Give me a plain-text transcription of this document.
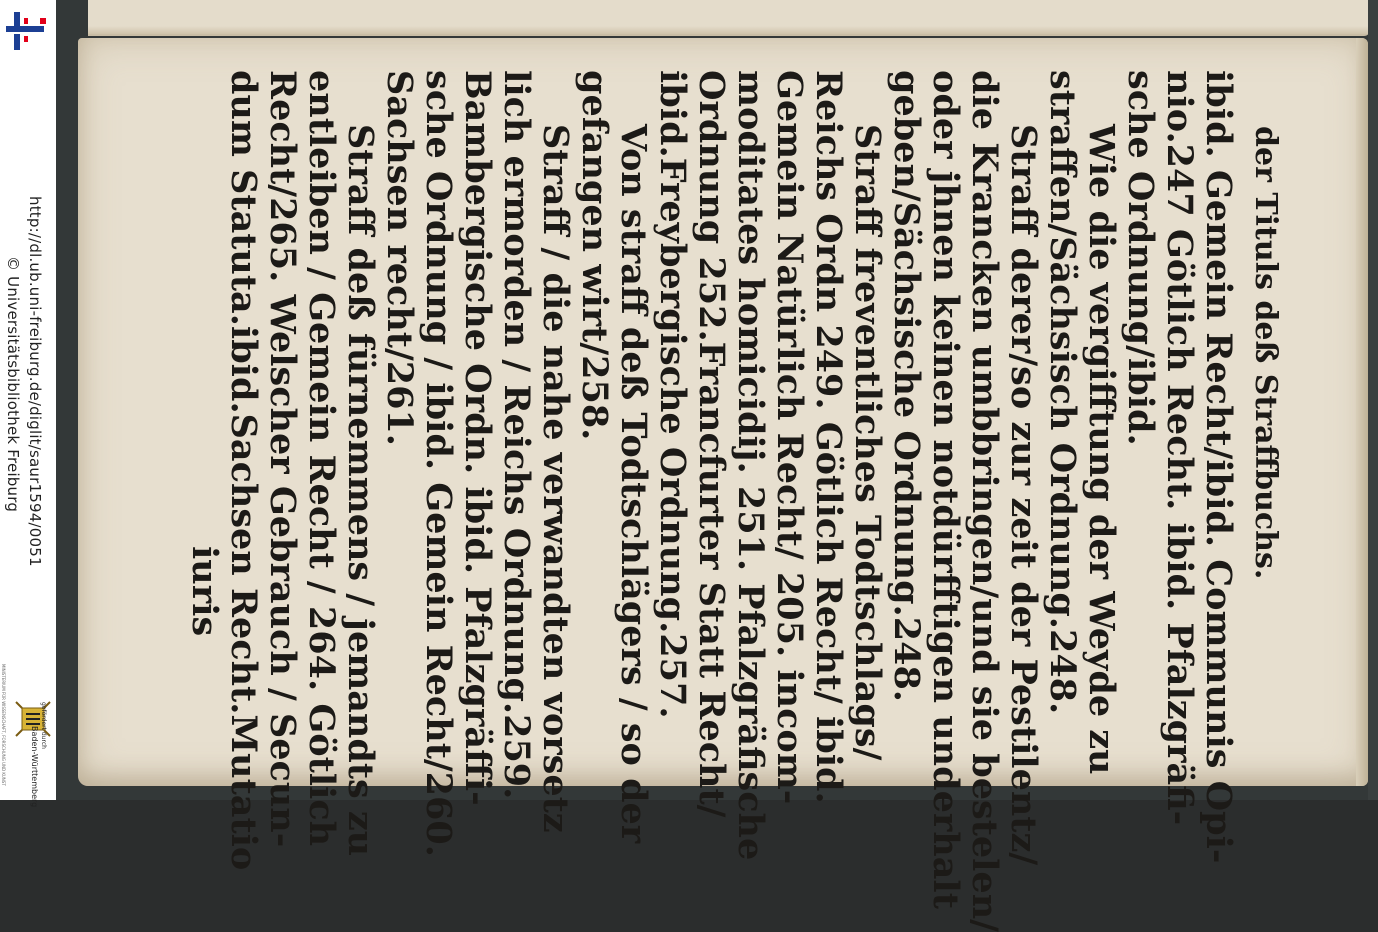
http://dl.ub.uni-freiburg.de/diglit/saur1594/0051
© Universitätsbibliothek Freiburg
gefördert durch
Baden-Württemberg
MINISTERIUM FÜR WISSENSCHAFT, FORSCHUNG UND KUNST
der Tituls deß Straffbuchs.
ibid. Gemein Recht/ibid. Communis Opi-
nio.247 Götlich Recht. ibid. Pfalzgräfi-
sche Ordnung/ibid.
Wie die vergifftung der Weyde zu
straffen/Sächsisch Ordnung.248.
Straff derer/so zur zeit der Pestilentz/
die Krancken umbbringen/und sie bestelen/
oder jhnen keinen notdürfftigen underhalt
geben/Sächsische Ordnung.248.
Straff freventliches Todtschlags/
Reichs Ordn 249. Götlich Recht/ ibid.
Gemein Natürlich Recht/ 205. incom-
moditates homicidij. 251. Pfalzgräfische
Ordnung 252.Francfurter Statt Recht/
ibid.Freybergische Ordnung.257.
Von straff deß Todtschlägers / so der
gefangen wirt/258.
Straff / die nahe verwandten vorsetz
lich ermorden / Reichs Ordnung.259.
Bambergische Ordn. ibid. Pfalzgräffi-
sche Ordnung / ibid. Gemein Recht/260.
Sachsen recht/261.
Straff deß fürnemmens / jemandts zu
entleiben / Gemein Recht / 264. Götlich
Recht/265. Welscher Gebrauch / Secun-
dum Statuta.ibid.Sachsen Recht.Mutatio
iuris
